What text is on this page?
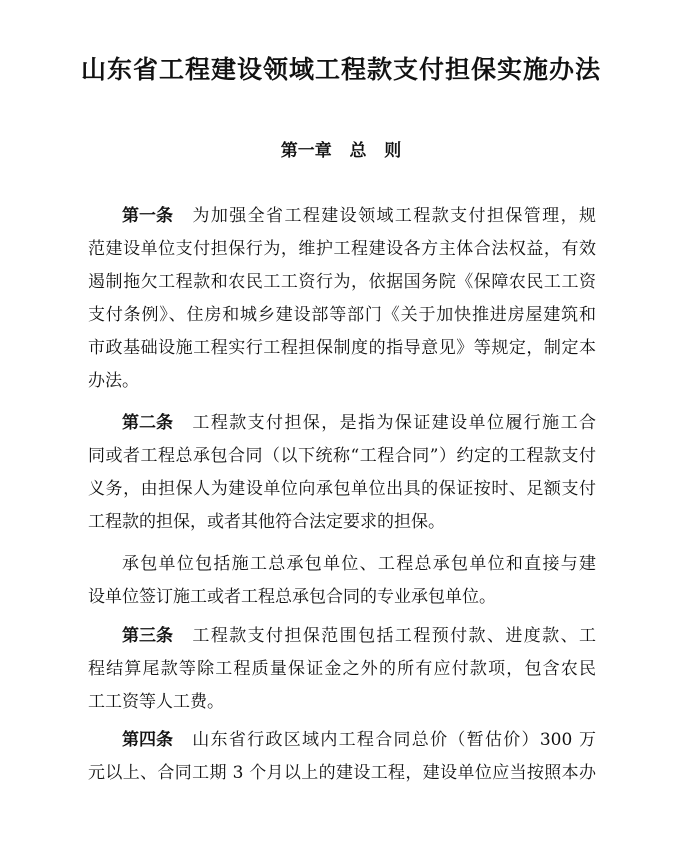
山东省工程建设领域工程款支付担保实施办法
第一章   总   则
第一条 为加强全省工程建设领域工程款支付担保管理，规
范建设单位支付担保行为，维护工程建设各方主体合法权益，有效
遏制拖欠工程款和农民工工资行为，依据国务院《保障农民工工资
支付条例》、住房和城乡建设部等部门《关于加快推进房屋建筑和
市政基础设施工程实行工程担保制度的指导意见》等规定，制定本
办法。
第二条 工程款支付担保，是指为保证建设单位履行施工合
同或者工程总承包合同（以下统称“工程合同”）约定的工程款支付
义务，由担保人为建设单位向承包单位出具的保证按时、足额支付
工程款的担保，或者其他符合法定要求的担保。
承包单位包括施工总承包单位、工程总承包单位和直接与建
设单位签订施工或者工程总承包合同的专业承包单位。
第三条 工程款支付担保范围包括工程预付款、进度款、工
程结算尾款等除工程质量保证金之外的所有应付款项，包含农民
工工资等人工费。
第四条 山东省行政区域内工程合同总价（暂估价）300 万
元以上、合同工期 3 个月以上的建设工程，建设单位应当按照本办
